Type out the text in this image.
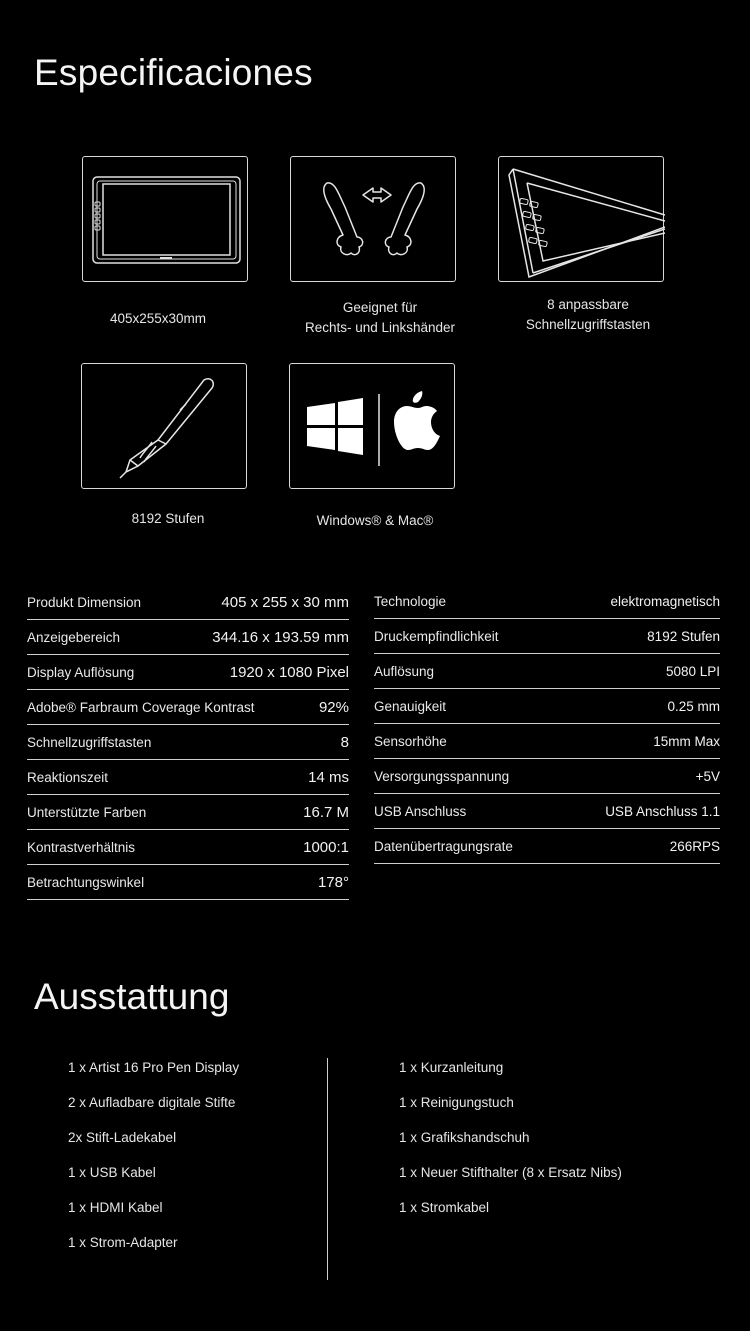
Especificaciones
405x255x30mm
Geeignet für
Rechts- und Linkshänder
8 anpassbare
Schnellzugriffstasten
8192 Stufen	Windows® & Mac®
Produkt Dimension	405 x 255 x 30 mm
Anzeigebereich	344.16 x 193.59 mm
Display Auflösung	1920 x 1080 Pixel
Adobe® Farbraum Coverage Kontrast	92%
Schnellzugriffstasten	8
Reaktionszeit	14 ms
Unterstützte Farben	16.7 M
Kontrastverhältnis	1000:1
Betrachtungswinkel	178°
Technologie	elektromagnetisch
Druckempfindlichkeit	8192 Stufen
Auflösung	5080 LPI
Genauigkeit	0.25 mm
Sensorhöhe	15mm Max
Versorgungsspannung	+5V
USB Anschluss	USB Anschluss 1.1
Datenübertragungsrate	266RPS
Ausstattung
1 x Artist 16 Pro Pen Display
2 x Aufladbare digitale Stifte
2x Stift-Ladekabel
1 x USB Kabel
1 x HDMI Kabel
1 x Strom-Adapter
1 x Kurzanleitung
1 x Reinigungstuch
1 x Grafikshandschuh
1 x Neuer Stifthalter (8 x Ersatz Nibs)
1 x Stromkabel
